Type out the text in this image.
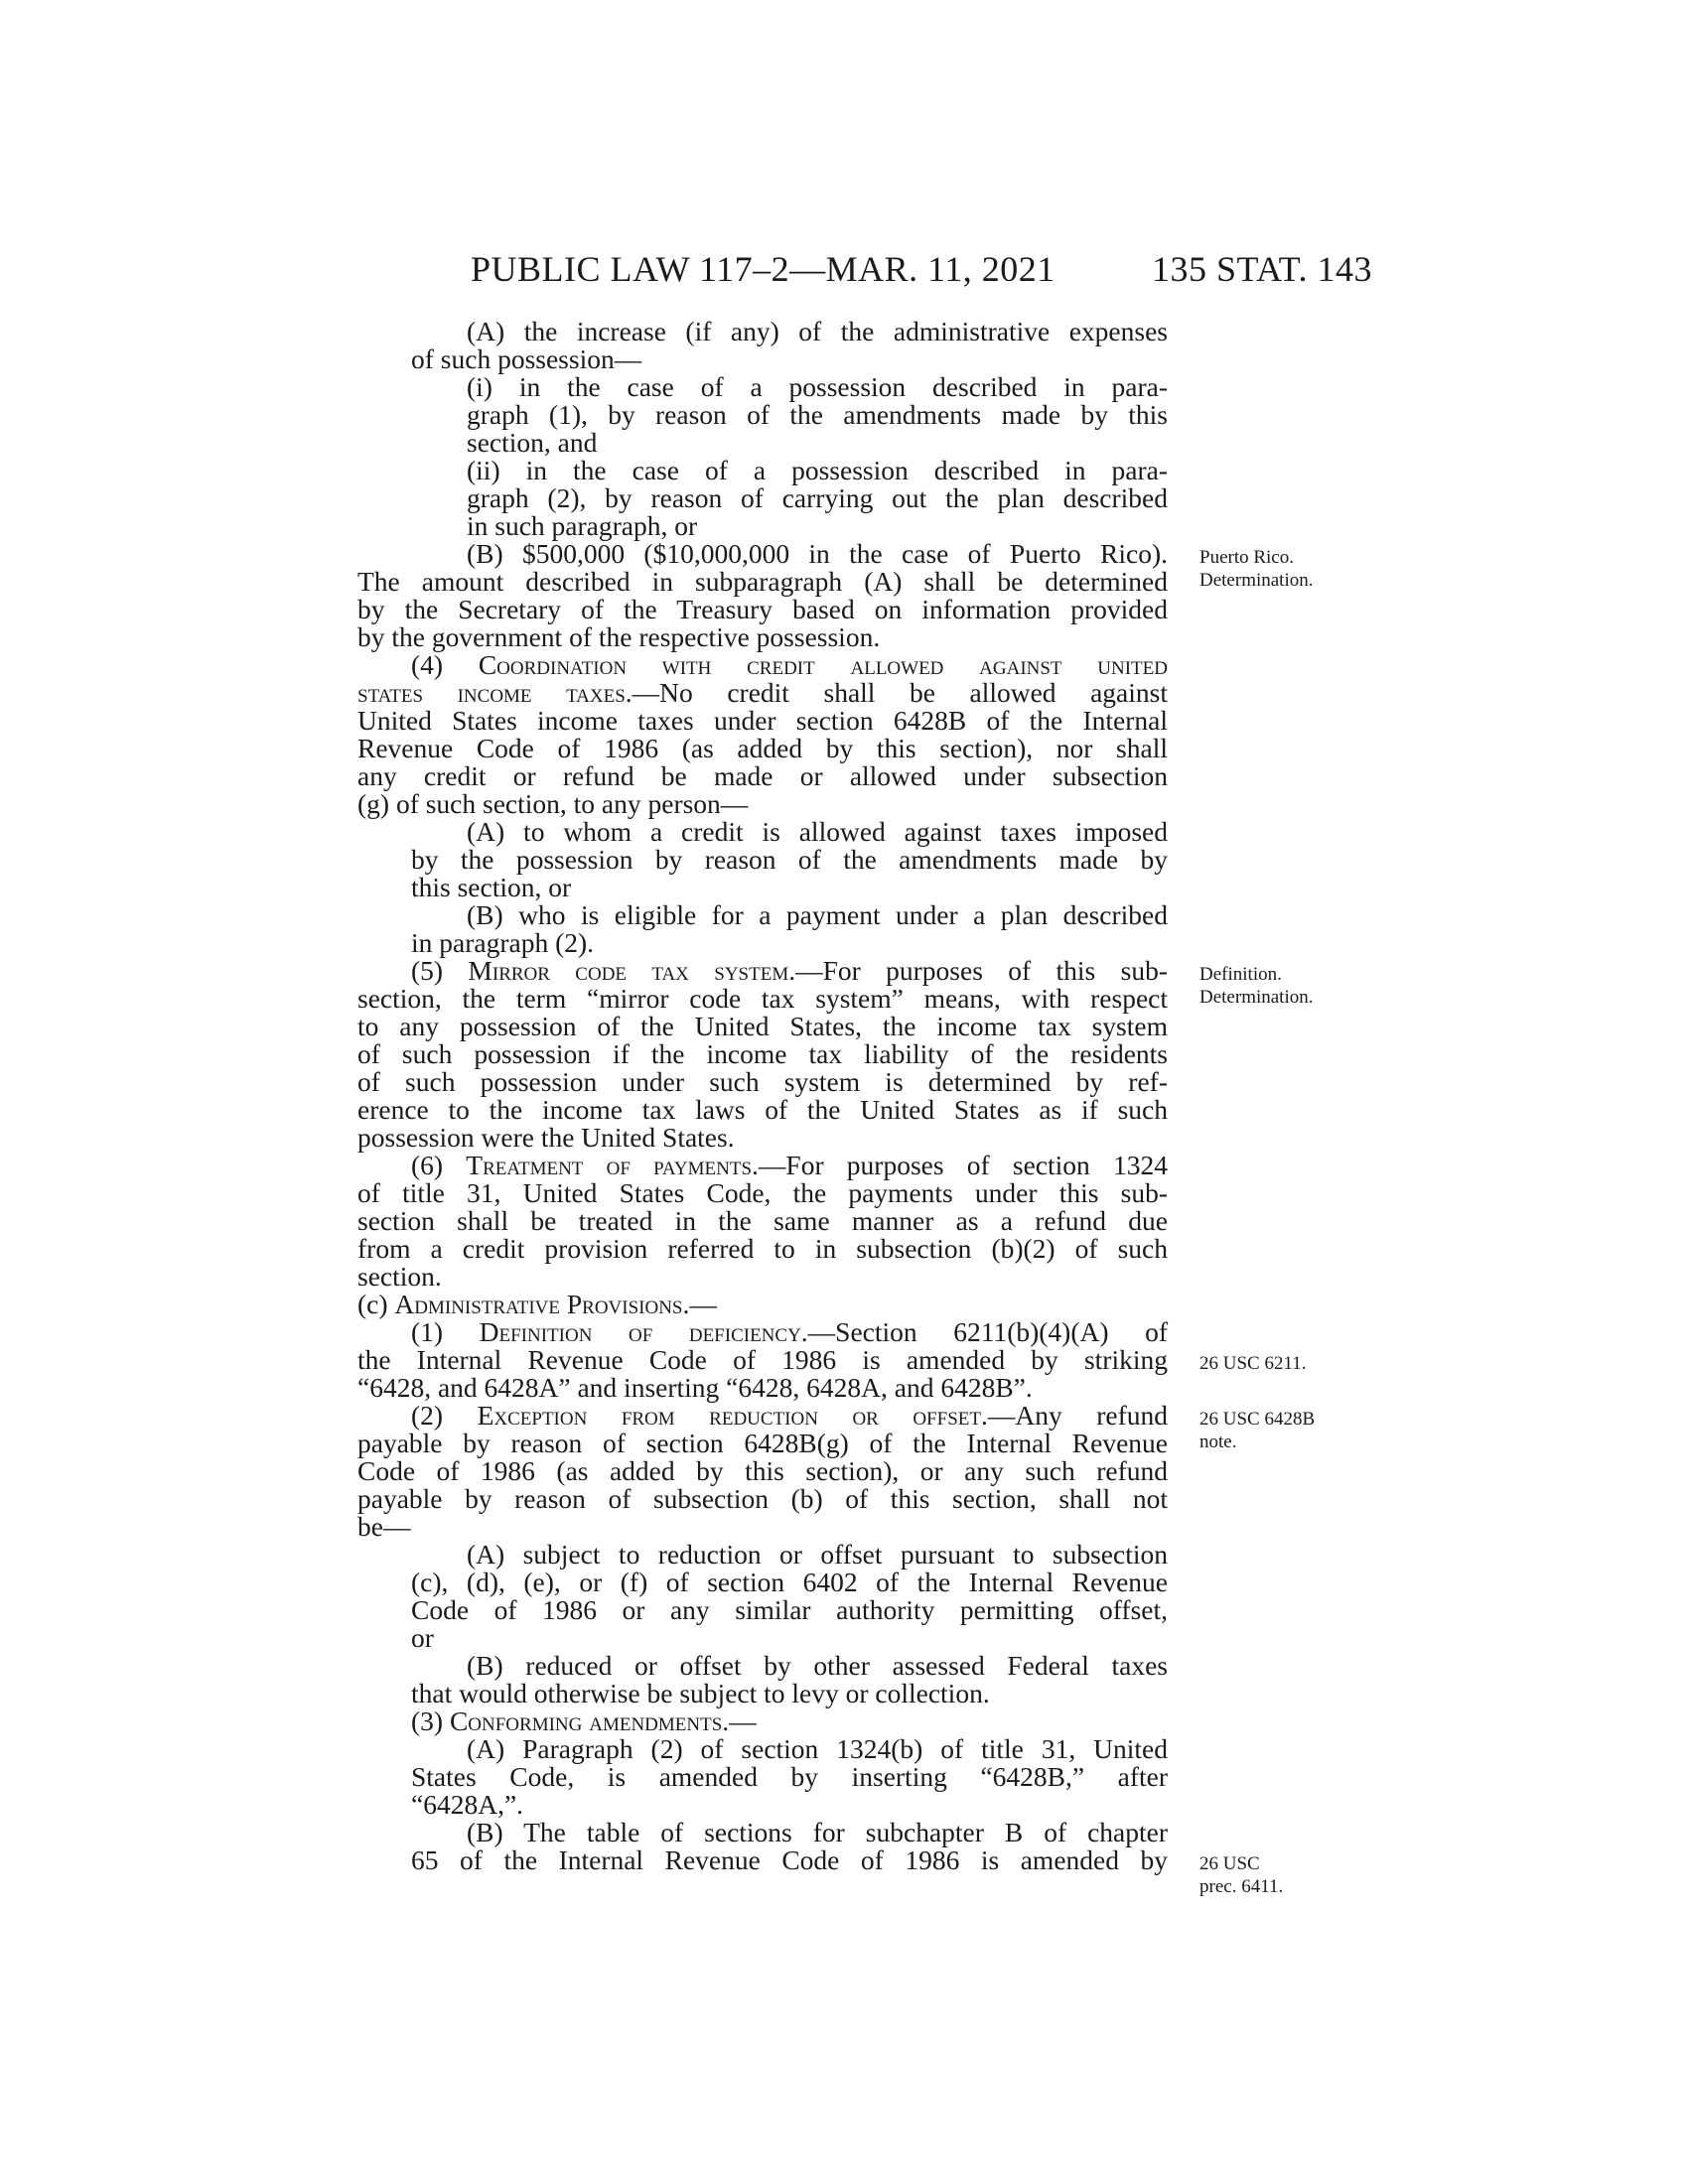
PUBLIC LAW 117–2—MAR. 11, 2021	135 STAT. 143
(A) the increase (if any) of the administrative expenses
of such possession—
(i) in the case of a possession described in para-
graph (1), by reason of the amendments made by this
section, and
(ii) in the case of a possession described in para-
graph (2), by reason of carrying out the plan described
in such paragraph, or
(B) $500,000 ($10,000,000 in the case of Puerto Rico).
The amount described in subparagraph (A) shall be determined
by the Secretary of the Treasury based on information provided
by the government of the respective possession.
(4) Coordination with credit allowed against united
states income taxes.—No credit shall be allowed against
United States income taxes under section 6428B of the Internal
Revenue Code of 1986 (as added by this section), nor shall
any credit or refund be made or allowed under subsection
(g) of such section, to any person—
(A) to whom a credit is allowed against taxes imposed
by the possession by reason of the amendments made by
this section, or
(B) who is eligible for a payment under a plan described
in paragraph (2).
(5) Mirror code tax system.—For purposes of this sub-
section, the term “mirror code tax system” means, with respect
to any possession of the United States, the income tax system
of such possession if the income tax liability of the residents
of such possession under such system is determined by ref-
erence to the income tax laws of the United States as if such
possession were the United States.
(6) Treatment of payments.—For purposes of section 1324
of title 31, United States Code, the payments under this sub-
section shall be treated in the same manner as a refund due
from a credit provision referred to in subsection (b)(2) of such
section.
(c) Administrative Provisions.—
(1) Definition of deficiency.—Section 6211(b)(4)(A) of
the Internal Revenue Code of 1986 is amended by striking
“6428, and 6428A” and inserting “6428, 6428A, and 6428B”.
(2) Exception from reduction or offset.—Any refund
payable by reason of section 6428B(g) of the Internal Revenue
Code of 1986 (as added by this section), or any such refund
payable by reason of subsection (b) of this section, shall not
be—
(A) subject to reduction or offset pursuant to subsection
(c), (d), (e), or (f) of section 6402 of the Internal Revenue
Code of 1986 or any similar authority permitting offset,
or
(B) reduced or offset by other assessed Federal taxes
that would otherwise be subject to levy or collection.
(3) Conforming amendments.—
(A) Paragraph (2) of section 1324(b) of title 31, United
States Code, is amended by inserting “6428B,” after
“6428A,”.
(B) The table of sections for subchapter B of chapter
65 of the Internal Revenue Code of 1986 is amended by
Puerto Rico.
Determination.
Definition.
Determination.
26 USC 6211.
26 USC 6428B
note.
26 USC
prec. 6411.
